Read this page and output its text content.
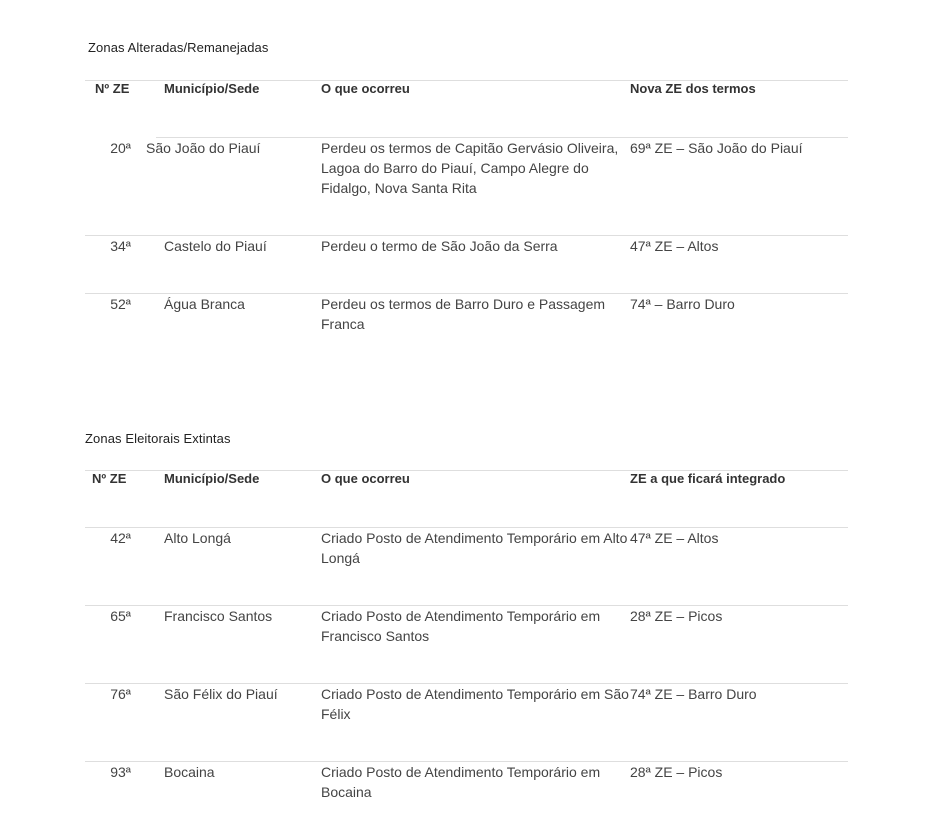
Zonas Alteradas/Remanejadas
Nº ZE	Município/Sede	O que ocorreu	Nova ZE dos termos
20ª	São João do Piauí	Perdeu os termos de Capitão Gervásio Oliveira, Lagoa do Barro do Piauí, Campo Alegre do Fidalgo, Nova Santa Rita	69ª ZE – São João do Piauí
34ª	Castelo do Piauí	Perdeu o termo de São João da Serra	47ª ZE – Altos
52ª	Água Branca	Perdeu os termos de Barro Duro e Passagem Franca	74ª – Barro Duro
Zonas Eleitorais Extintas
Nº ZE	Município/Sede	O que ocorreu	ZE a que ficará integrado
42ª	Alto Longá	Criado Posto de Atendimento Temporário em Alto Longá	47ª ZE – Altos
65ª	Francisco Santos	Criado Posto de Atendimento Temporário em Francisco Santos	28ª ZE – Picos
76ª	São Félix do Piauí	Criado Posto de Atendimento Temporário em São Félix	74ª ZE – Barro Duro
93ª	Bocaina	Criado Posto de Atendimento Temporário em Bocaina	28ª ZE – Picos
